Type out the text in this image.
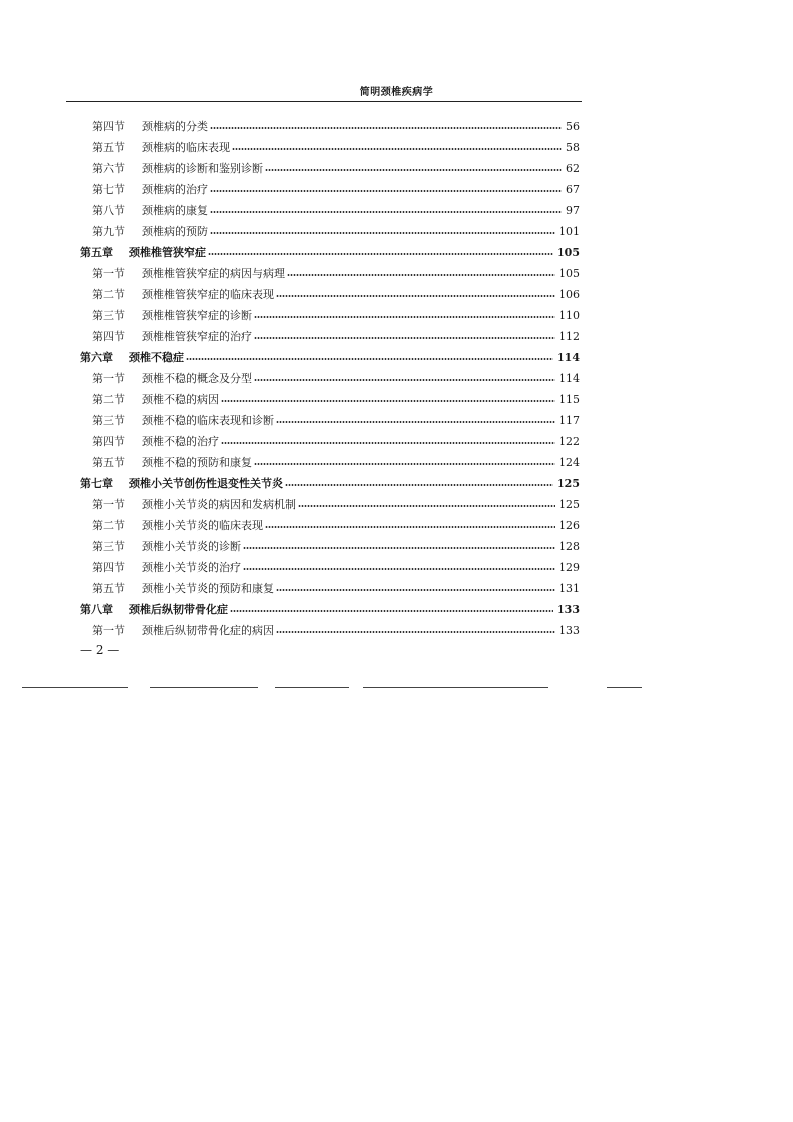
简明颈椎疾病学
第四节 颈椎病的分类	56
第五节 颈椎病的临床表现	58
第六节 颈椎病的诊断和鉴别诊断	62
第七节 颈椎病的治疗	67
第八节 颈椎病的康复	97
第九节 颈椎病的预防	101
第五章 颈椎椎管狭窄症	105
第一节 颈椎椎管狭窄症的病因与病理	105
第二节 颈椎椎管狭窄症的临床表现	106
第三节 颈椎椎管狭窄症的诊断	110
第四节 颈椎椎管狭窄症的治疗	112
第六章 颈椎不稳症	114
第一节 颈椎不稳的概念及分型	114
第二节 颈椎不稳的病因	115
第三节 颈椎不稳的临床表现和诊断	117
第四节 颈椎不稳的治疗	122
第五节 颈椎不稳的预防和康复	124
第七章 颈椎小关节创伤性退变性关节炎	125
第一节 颈椎小关节炎的病因和发病机制	125
第二节 颈椎小关节炎的临床表现	126
第三节 颈椎小关节炎的诊断	128
第四节 颈椎小关节炎的治疗	129
第五节 颈椎小关节炎的预防和康复	131
第八章 颈椎后纵韧带骨化症	133
第一节 颈椎后纵韧带骨化症的病因	133
— 2 —
